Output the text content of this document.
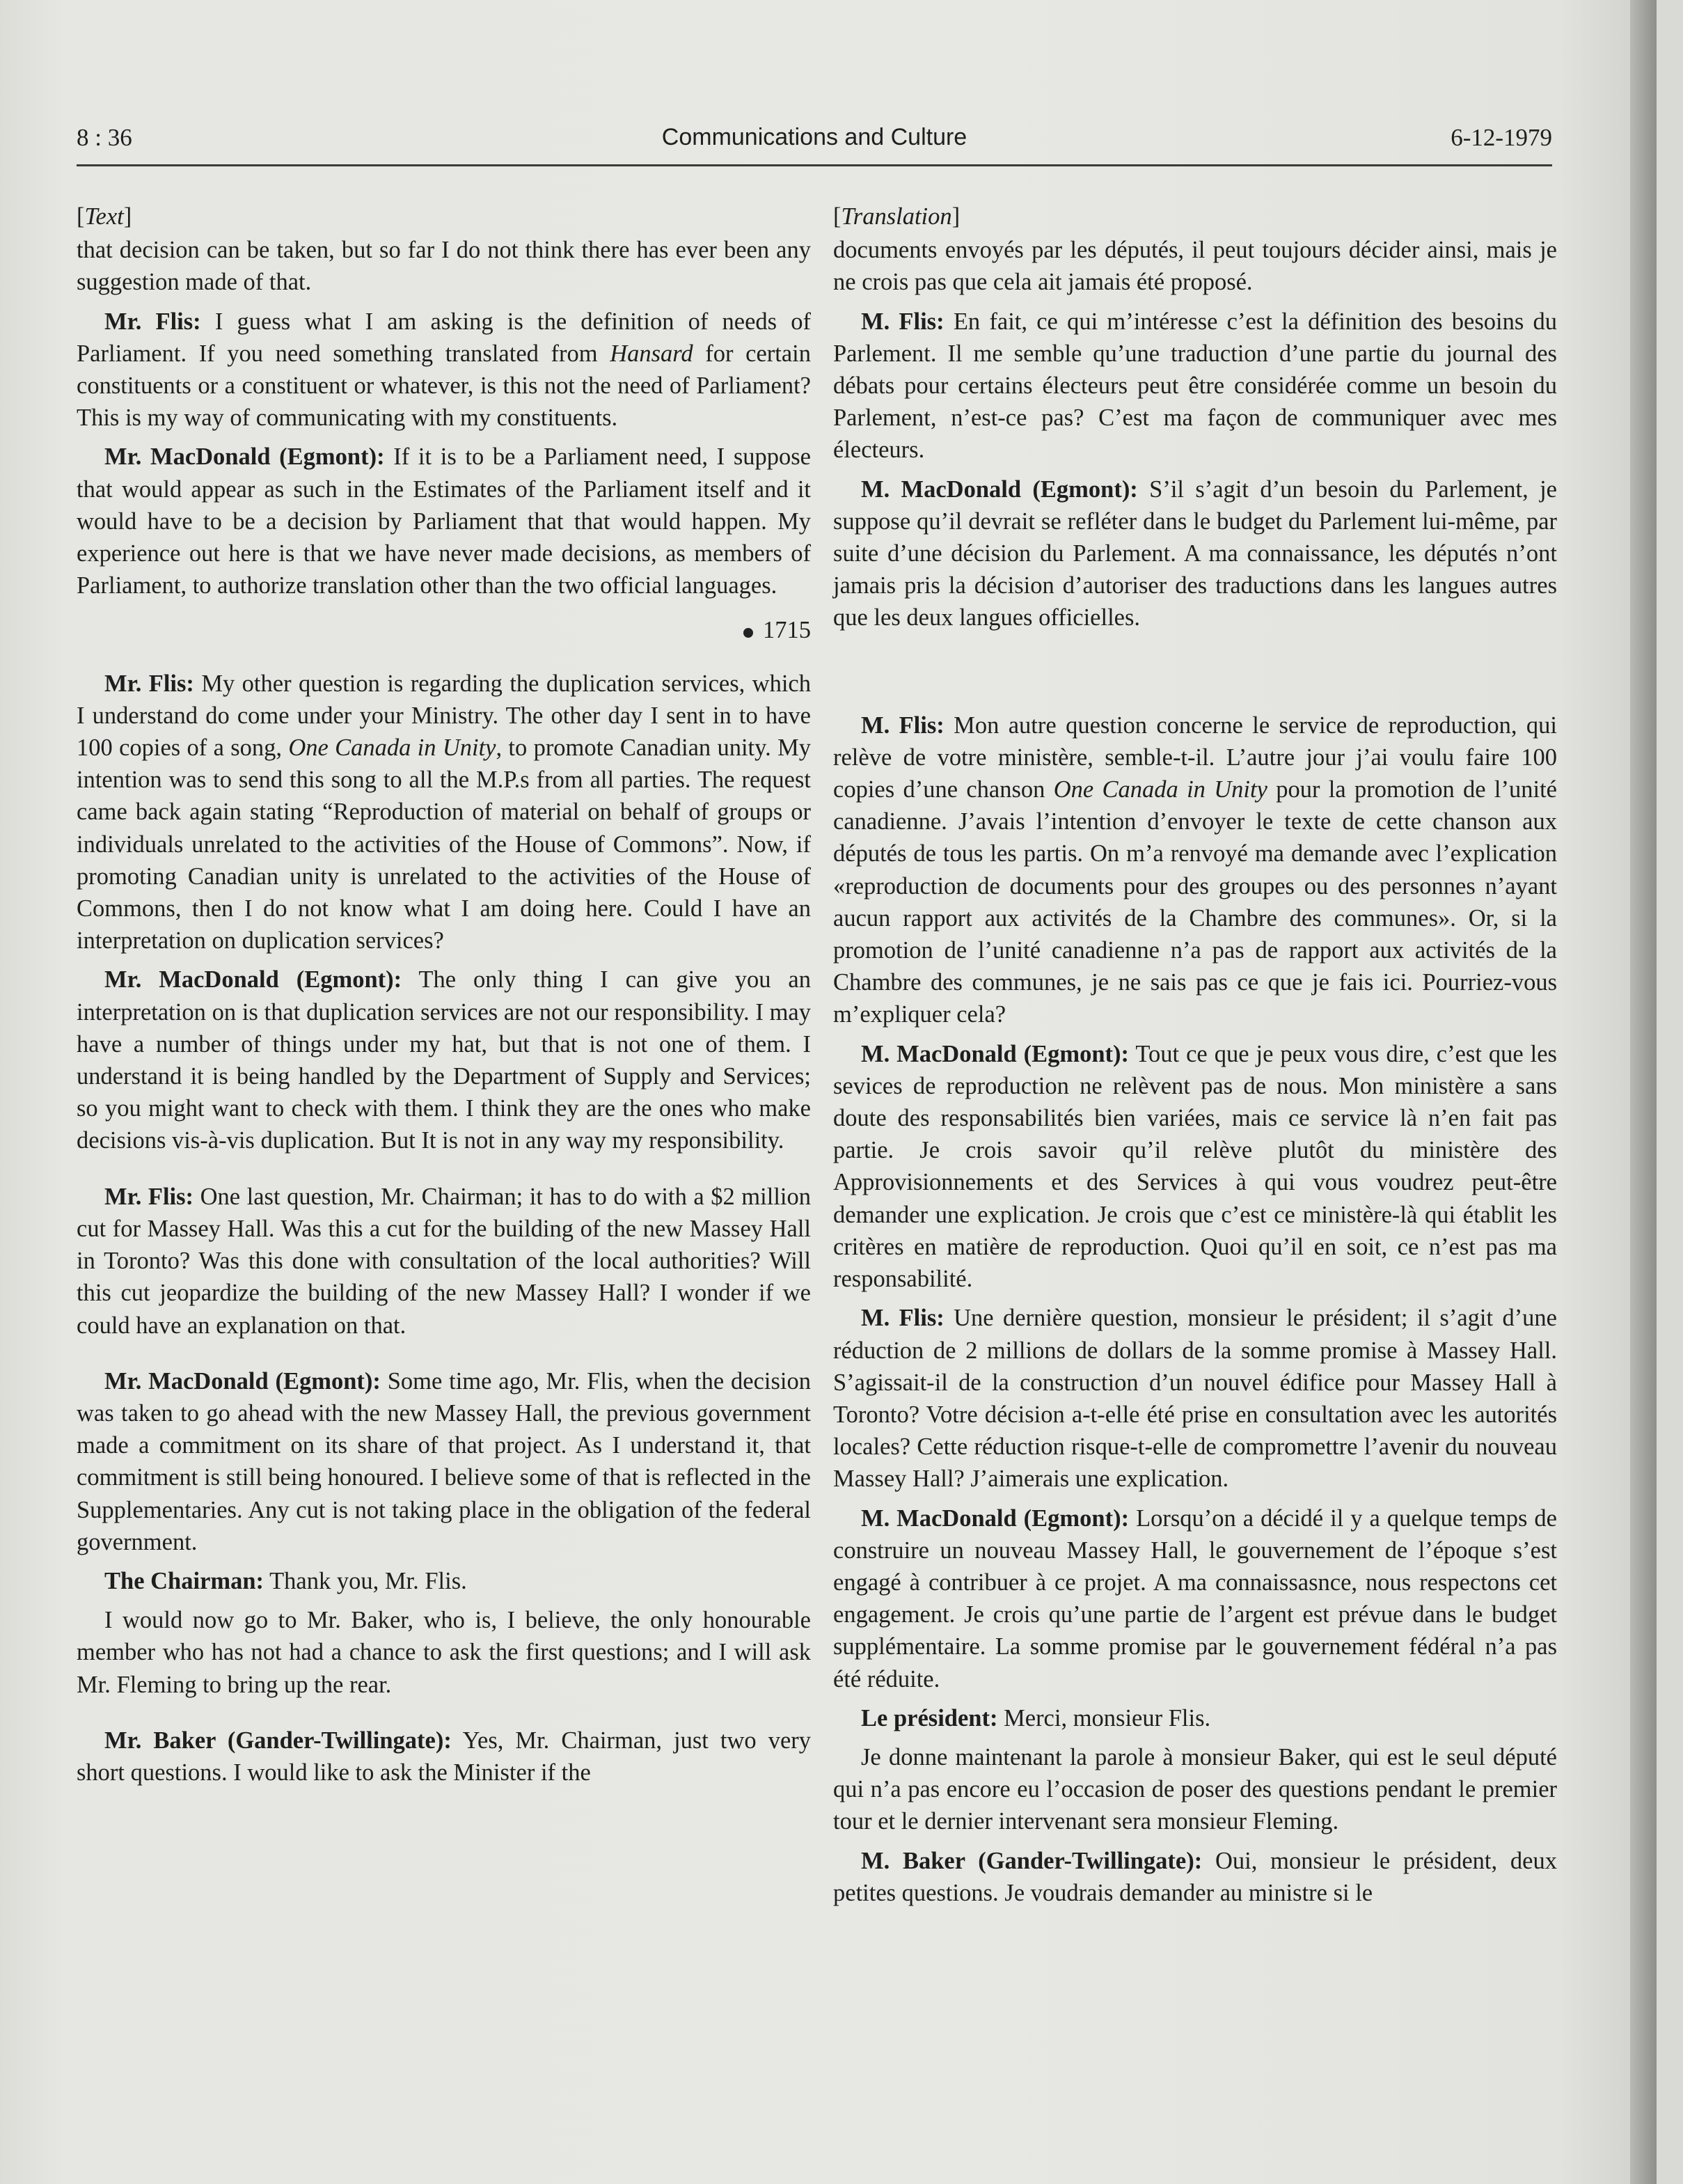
8 : 36	Communications and Culture	6-12-1979

[Text]

that decision can be taken, but so far I do not think there has ever been any suggestion made of that.

Mr. Flis: I guess what I am asking is the definition of needs of Parliament. If you need something translated from Hansard for certain constituents or a constituent or whatever, is this not the need of Parliament? This is my way of communicating with my constituents.

Mr. MacDonald (Egmont): If it is to be a Parliament need, I suppose that would appear as such in the Estimates of the Parliament itself and it would have to be a decision by Parliament that that would happen. My experience out here is that we have never made decisions, as members of Parliament, to authorize translation other than the two official languages.

1715

Mr. Flis: My other question is regarding the duplication services, which I understand do come under your Ministry. The other day I sent in to have 100 copies of a song, One Canada in Unity, to promote Canadian unity. My intention was to send this song to all the M.P.s from all parties. The request came back again stating “Reproduction of material on behalf of groups or individuals unrelated to the activities of the House of Commons”. Now, if promoting Canadian unity is unrelated to the activities of the House of Commons, then I do not know what I am doing here. Could I have an interpretation on duplication services?

Mr. MacDonald (Egmont): The only thing I can give you an interpretation on is that duplication services are not our responsibility. I may have a number of things under my hat, but that is not one of them. I understand it is being handled by the Department of Supply and Services; so you might want to check with them. I think they are the ones who make decisions vis-à-vis duplication. But It is not in any way my responsibility.

Mr. Flis: One last question, Mr. Chairman; it has to do with a $2 million cut for Massey Hall. Was this a cut for the building of the new Massey Hall in Toronto? Was this done with consultation of the local authorities? Will this cut jeopardize the building of the new Massey Hall? I wonder if we could have an explanation on that.

Mr. MacDonald (Egmont): Some time ago, Mr. Flis, when the decision was taken to go ahead with the new Massey Hall, the previous government made a commitment on its share of that project. As I understand it, that commitment is still being honoured. I believe some of that is reflected in the Supplementaries. Any cut is not taking place in the obligation of the federal government.

The Chairman: Thank you, Mr. Flis.

I would now go to Mr. Baker, who is, I believe, the only honourable member who has not had a chance to ask the first questions; and I will ask Mr. Fleming to bring up the rear.

Mr. Baker (Gander-Twillingate): Yes, Mr. Chairman, just two very short questions. I would like to ask the Minister if the

[Translation]

documents envoyés par les députés, il peut toujours décider ainsi, mais je ne crois pas que cela ait jamais été proposé.

M. Flis: En fait, ce qui m’intéresse c’est la définition des besoins du Parlement. Il me semble qu’une traduction d’une partie du journal des débats pour certains électeurs peut être considérée comme un besoin du Parlement, n’est-ce pas? C’est ma façon de communiquer avec mes électeurs.

M. MacDonald (Egmont): S’il s’agit d’un besoin du Parlement, je suppose qu’il devrait se refléter dans le budget du Parlement lui-même, par suite d’une décision du Parlement. A ma connaissance, les députés n’ont jamais pris la décision d’autoriser des traductions dans les langues autres que les deux langues officielles.

M. Flis: Mon autre question concerne le service de reproduction, qui relève de votre ministère, semble-t-il. L’autre jour j’ai voulu faire 100 copies d’une chanson One Canada in Unity pour la promotion de l’unité canadienne. J’avais l’intention d’envoyer le texte de cette chanson aux députés de tous les partis. On m’a renvoyé ma demande avec l’explication «reproduction de documents pour des groupes ou des personnes n’ayant aucun rapport aux activités de la Chambre des communes». Or, si la promotion de l’unité canadienne n’a pas de rapport aux activités de la Chambre des communes, je ne sais pas ce que je fais ici. Pourriez-vous m’expliquer cela?

M. MacDonald (Egmont): Tout ce que je peux vous dire, c’est que les sevices de reproduction ne relèvent pas de nous. Mon ministère a sans doute des responsabilités bien variées, mais ce service là n’en fait pas partie. Je crois savoir qu’il relève plutôt du ministère des Approvisionnements et des Services à qui vous voudrez peut-être demander une explication. Je crois que c’est ce ministère-là qui établit les critères en matière de reproduction. Quoi qu’il en soit, ce n’est pas ma responsabilité.

M. Flis: Une dernière question, monsieur le président; il s’agit d’une réduction de 2 millions de dollars de la somme promise à Massey Hall. S’agissait-il de la construction d’un nouvel édifice pour Massey Hall à Toronto? Votre décision a-t-elle été prise en consultation avec les autorités locales? Cette réduction risque-t-elle de compromettre l’avenir du nouveau Massey Hall? J’aimerais une explication.

M. MacDonald (Egmont): Lorsqu’on a décidé il y a quelque temps de construire un nouveau Massey Hall, le gouvernement de l’époque s’est engagé à contribuer à ce projet. A ma connaissasnce, nous respectons cet engagement. Je crois qu’une partie de l’argent est prévue dans le budget supplémentaire. La somme promise par le gouvernement fédéral n’a pas été réduite.

Le président: Merci, monsieur Flis.

Je donne maintenant la parole à monsieur Baker, qui est le seul député qui n’a pas encore eu l’occasion de poser des questions pendant le premier tour et le dernier intervenant sera monsieur Fleming.

M. Baker (Gander-Twillingate): Oui, monsieur le président, deux petites questions. Je voudrais demander au ministre si le
